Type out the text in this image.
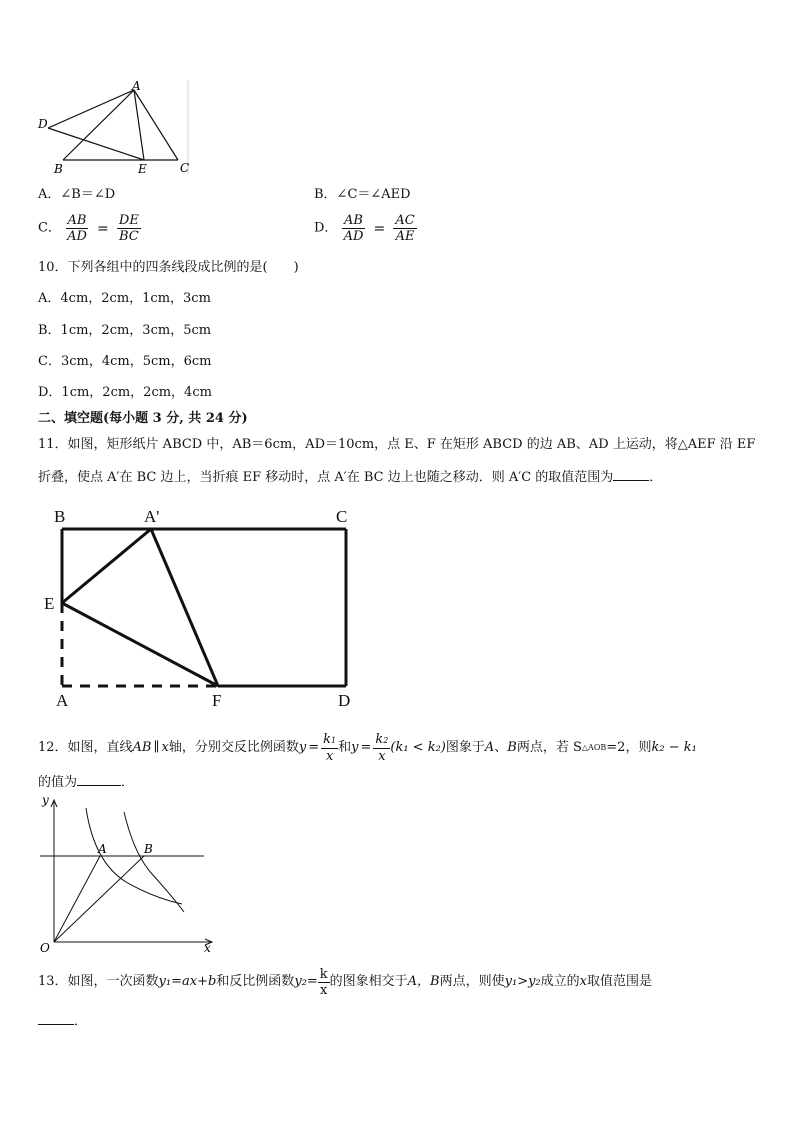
A
D
B	E	C
A．∠B＝∠D	B．∠C＝∠AED
C． $\frac{AB}{AD} = \frac{DE}{BC}$	D． $\frac{AB}{AD} = \frac{AC}{AE}$
10．下列各组中的四条线段成比例的是(　　)
A．4cm，2cm，1cm，3cm
B．1cm，2cm，3cm，5cm
C．3cm，4cm，5cm，6cm
D．1cm，2cm，2cm，4cm
二、填空题(每小题 3 分, 共 24 分)
11．如图，矩形纸片 ABCD 中，AB＝6cm，AD＝10cm，点 E、F 在矩形 ABCD 的边 AB、AD 上运动，将△AEF 沿 EF
折叠，使点 A′在 BC 边上，当折痕 EF 移动时，点 A′在 BC 边上也随之移动．则 A′C 的取值范围为	．
B	A'	C
E
A	F	D
12．如图，直线 AB ∥ x 轴，分别交反比例函数 $y = \frac{k1}{x}$ 和 $y = \frac{k2}{x} (k_1 < k_2)$ 图象于 A 、 B 两点，若 S △AOB =2，则 k₂ − k₁
的值为	．
y
A	B
O	x
13．如图，一次函数 y₁=ax+b 和反比例函数 $y_2= \frac{k}{x}$ 的图象相交于 A，B 两点，则使 y₁>y₂ 成立的 x 取值范围是
．
